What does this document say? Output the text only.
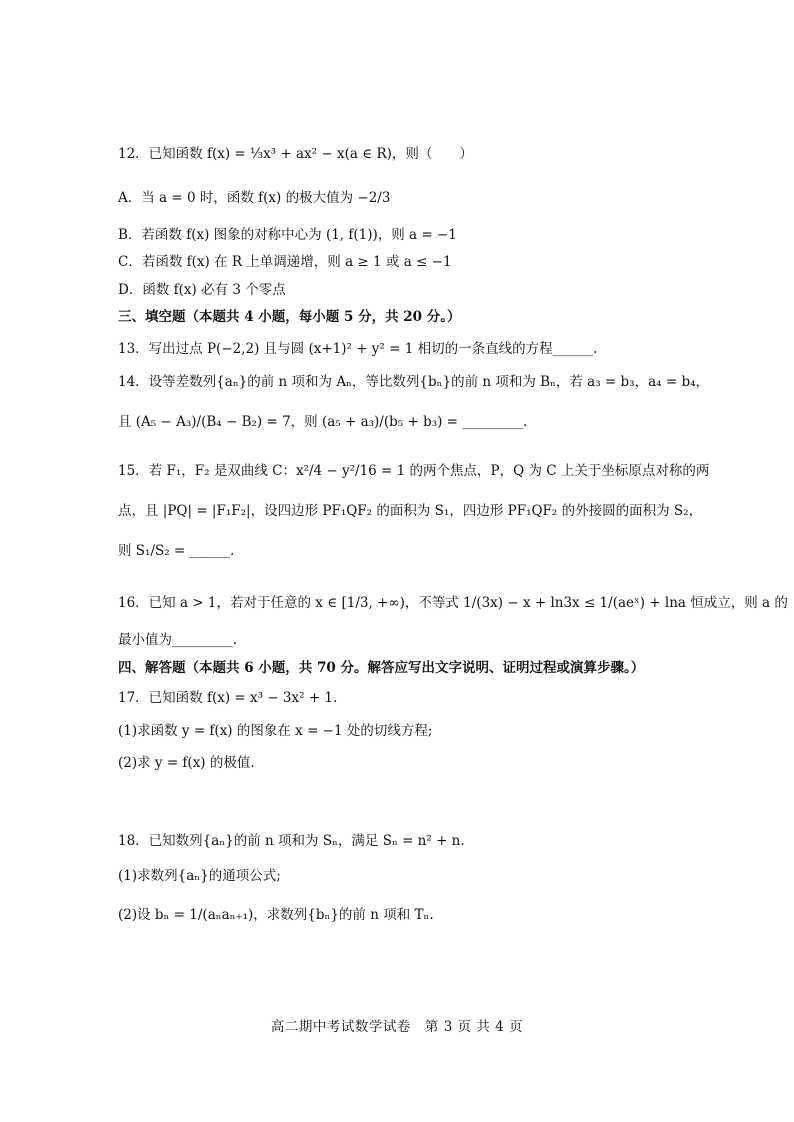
12．已知函数 f(x) = ⅓x³ + ax² − x(a ∈ R)，则（　　）
A．当 a = 0 时，函数 f(x) 的极大值为 −2/3
B．若函数 f(x) 图象的对称中心为 (1, f(1))，则 a = −1
C．若函数 f(x) 在 R 上单调递增，则 a ≥ 1 或 a ≤ −1
D．函数 f(x) 必有 3 个零点
三、填空题（本题共 4 小题，每小题 5 分，共 20 分。）
13．写出过点 P(−2,2) 且与圆 (x+1)² + y² = 1 相切的一条直线的方程______.
14．设等差数列{aₙ}的前 n 项和为 Aₙ，等比数列{bₙ}的前 n 项和为 Bₙ，若 a₃ = b₃，a₄ = b₄，
且 (A₅ − A₃)/(B₄ − B₂) = 7，则 (a₅ + a₃)/(b₅ + b₃) = _________.
15．若 F₁，F₂ 是双曲线 C：x²/4 − y²/16 = 1 的两个焦点，P，Q 为 C 上关于坐标原点对称的两
点，且 |PQ| = |F₁F₂|，设四边形 PF₁QF₂ 的面积为 S₁，四边形 PF₁QF₂ 的外接圆的面积为 S₂，
则 S₁/S₂ = ______.
16．已知 a > 1，若对于任意的 x ∈ [1/3, +∞)，不等式 1/(3x) − x + ln3x ≤ 1/(aeˣ) + lna 恒成立，则 a 的
最小值为_________.
四、解答题（本题共 6 小题，共 70 分。解答应写出文字说明、证明过程或演算步骤。）
17．已知函数 f(x) = x³ − 3x² + 1.
(1)求函数 y = f(x) 的图象在 x = −1 处的切线方程;
(2)求 y = f(x) 的极值.
18．已知数列{aₙ}的前 n 项和为 Sₙ，满足 Sₙ = n² + n.
(1)求数列{aₙ}的通项公式;
(2)设 bₙ = 1/(aₙaₙ₊₁)，求数列{bₙ}的前 n 项和 Tₙ.
高二期中考试数学试卷　第 3 页 共 4 页
